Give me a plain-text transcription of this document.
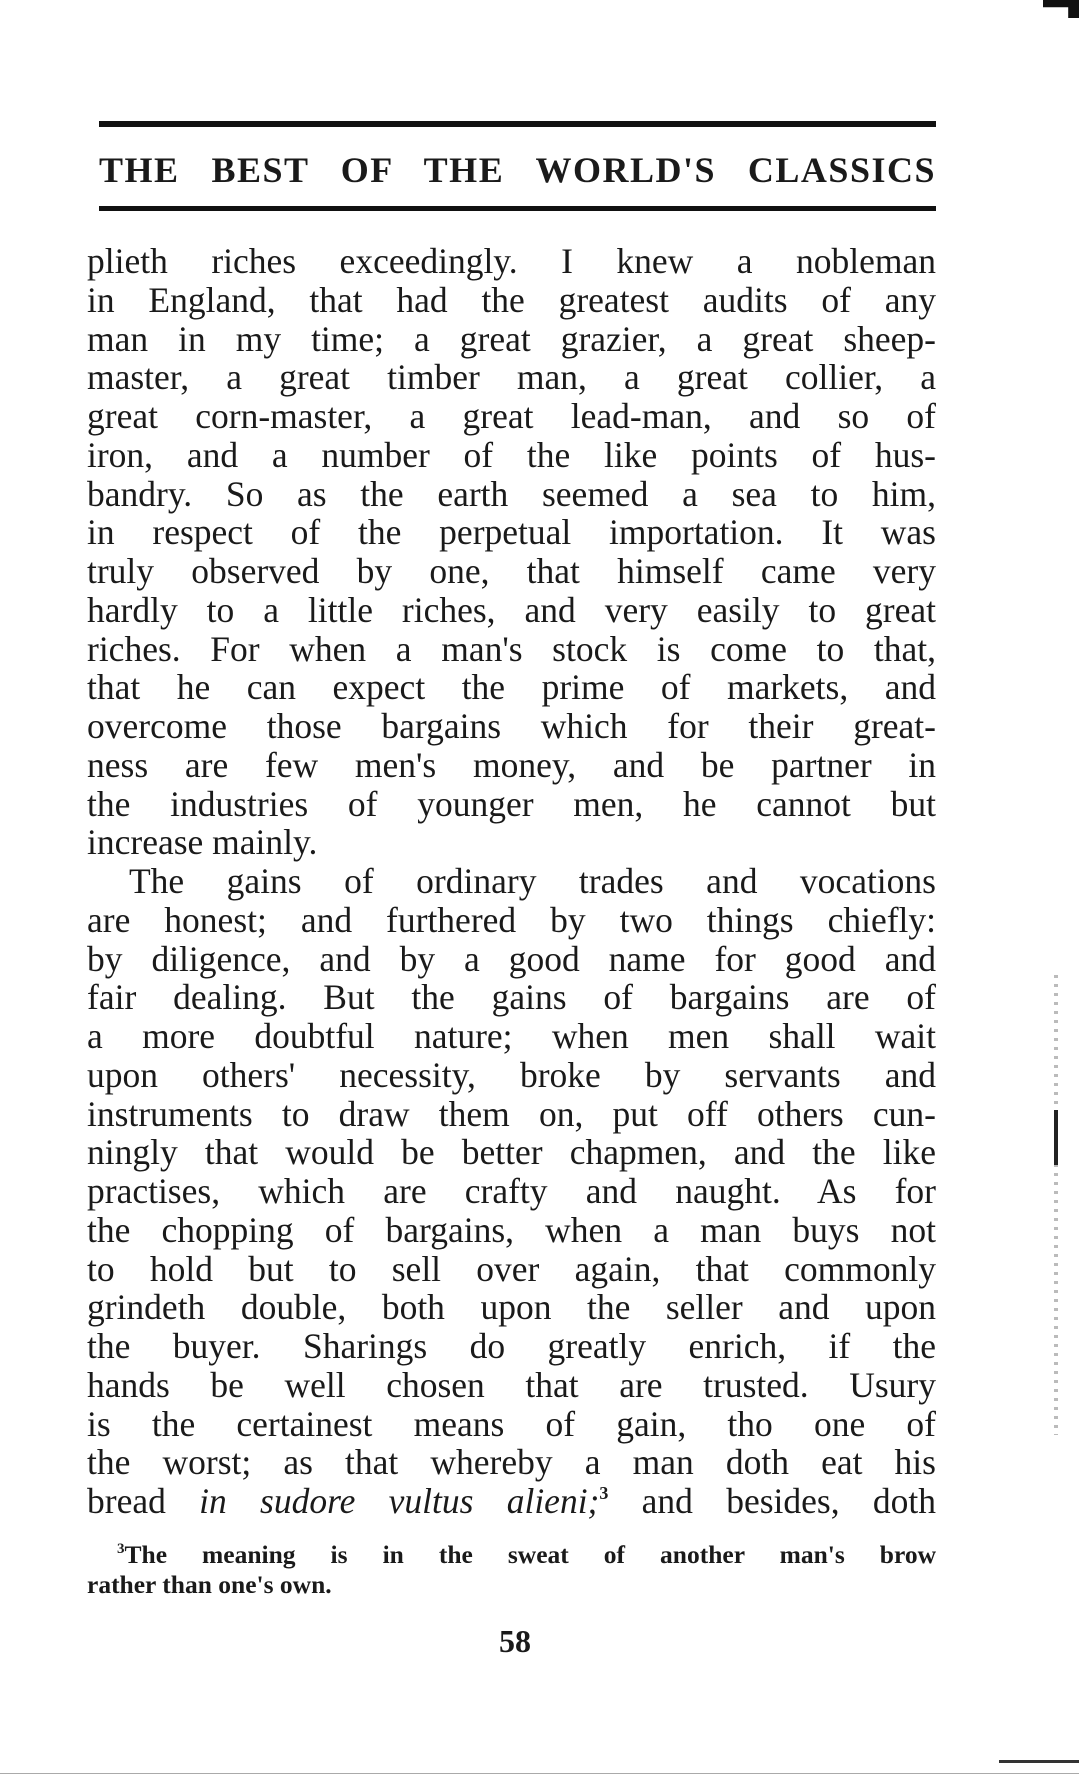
THE BEST OF THE WORLD'S CLASSICS
plieth riches exceedingly. I knew a nobleman
in England, that had the greatest audits of any
man in my time; a great grazier, a great sheep-
master, a great timber man, a great collier, a
great corn-master, a great lead-man, and so of
iron, and a number of the like points of hus-
bandry. So as the earth seemed a sea to him,
in respect of the perpetual importation. It was
truly observed by one, that himself came very
hardly to a little riches, and very easily to great
riches. For when a man's stock is come to that,
that he can expect the prime of markets, and
overcome those bargains which for their great-
ness are few men's money, and be partner in
the industries of younger men, he cannot but
increase mainly.
The gains of ordinary trades and vocations
are honest; and furthered by two things chiefly:
by diligence, and by a good name for good and
fair dealing. But the gains of bargains are of
a more doubtful nature; when men shall wait
upon others' necessity, broke by servants and
instruments to draw them on, put off others cun-
ningly that would be better chapmen, and the like
practises, which are crafty and naught. As for
the chopping of bargains, when a man buys not
to hold but to sell over again, that commonly
grindeth double, both upon the seller and upon
the buyer. Sharings do greatly enrich, if the
hands be well chosen that are trusted. Usury
is the certainest means of gain, tho one of
the worst; as that whereby a man doth eat his
bread in sudore vultus alieni;$^3$ and besides, doth
$^3$The meaning is in the sweat of another man's brow
rather than one's own.
58
